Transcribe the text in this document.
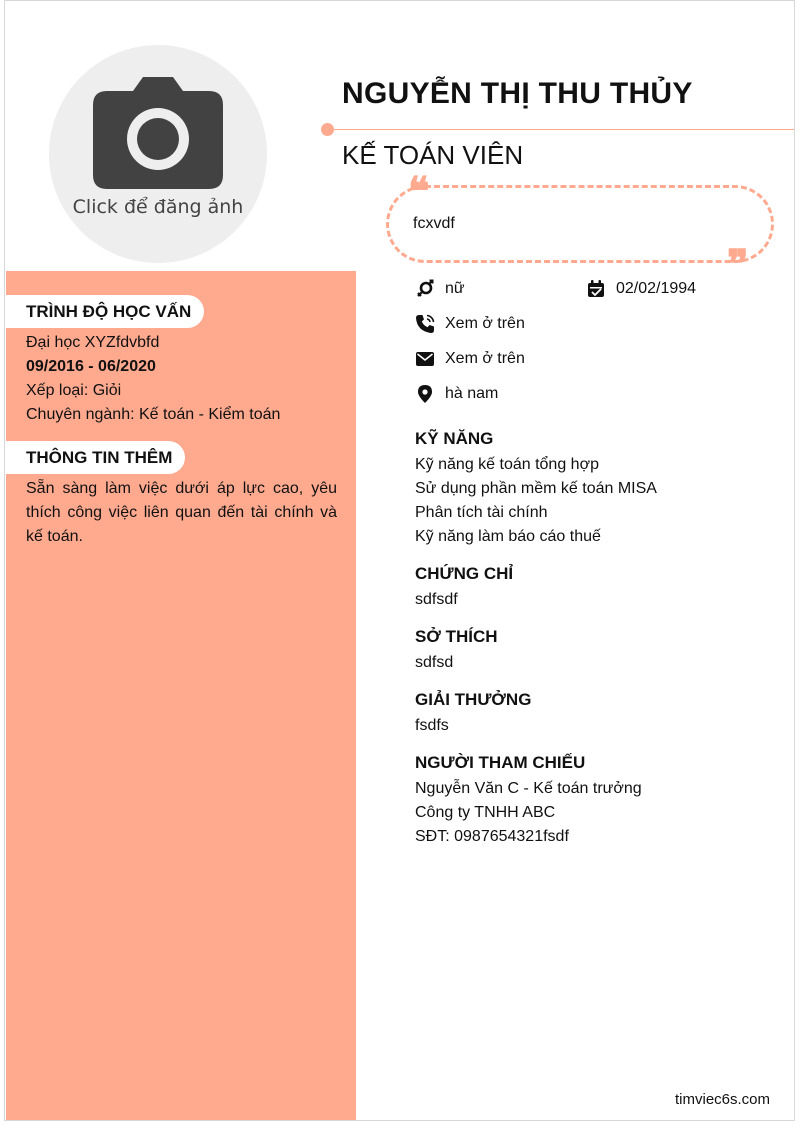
Click để đăng ảnh
NGUYỄN THỊ THU THỦY
KẾ TOÁN VIÊN
❝
❞
fcxvdf
nữ	02/02/1994
Xem ở trên
Xem ở trên
hà nam
TRÌNH ĐỘ HỌC VẤN
Đại học XYZfdvbfd
09/2016 - 06/2020
Xếp loại: Giỏi
Chuyên ngành: Kế toán - Kiểm toán
THÔNG TIN THÊM
Sẵn sàng làm việc dưới áp lực cao, yêu thích công việc liên quan đến tài chính và kế toán.
KỸ NĂNG
Kỹ năng kế toán tổng hợp
Sử dụng phần mềm kế toán MISA
Phân tích tài chính
Kỹ năng làm báo cáo thuế
CHỨNG CHỈ
sdfsdf
SỞ THÍCH
sdfsd
GIẢI THƯỞNG
fsdfs
NGƯỜI THAM CHIẾU
Nguyễn Văn C - Kế toán trưởng
Công ty TNHH ABC
SĐT: 0987654321fsdf
timviec6s.com
